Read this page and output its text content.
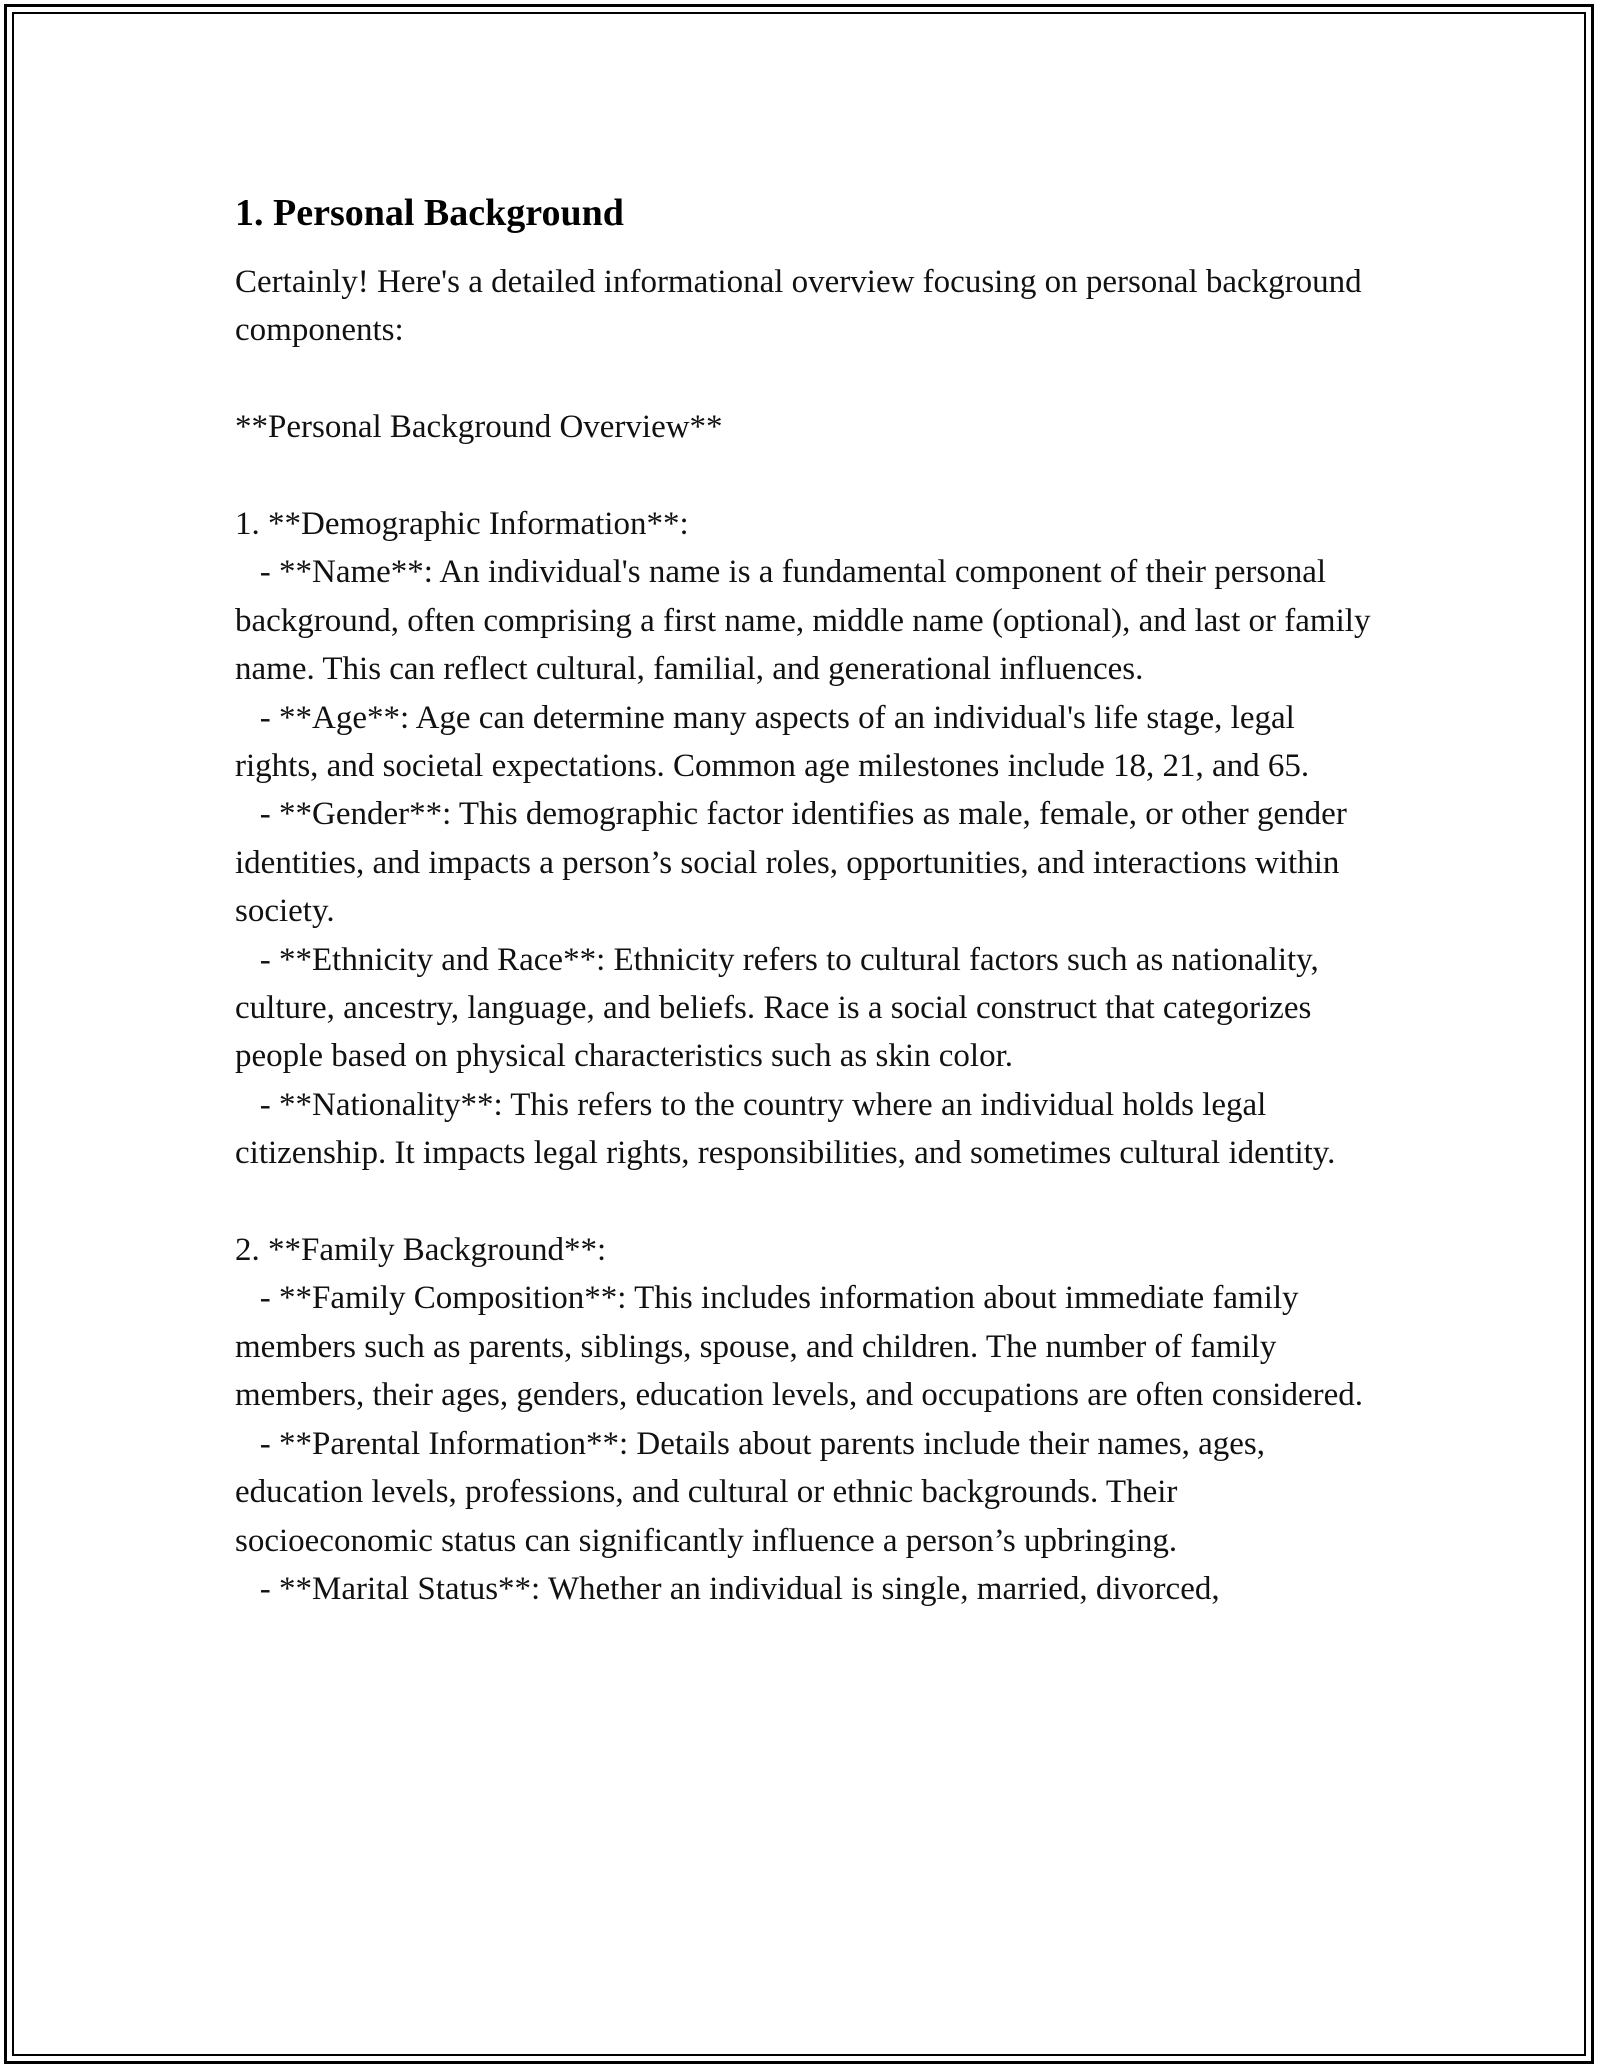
1. Personal Background

Certainly! Here's a detailed informational overview focusing on personal background components:

**Personal Background Overview**

1. **Demographic Information**:

- **Name**: An individual's name is a fundamental component of their personal background, often comprising a first name, middle name (optional), and last or family name. This can reflect cultural, familial, and generational influences.

- **Age**: Age can determine many aspects of an individual's life stage, legal rights, and societal expectations. Common age milestones include 18, 21, and 65.

- **Gender**: This demographic factor identifies as male, female, or other gender identities, and impacts a person’s social roles, opportunities, and interactions within society.

- **Ethnicity and Race**: Ethnicity refers to cultural factors such as nationality, culture, ancestry, language, and beliefs. Race is a social construct that categorizes people based on physical characteristics such as skin color.

- **Nationality**: This refers to the country where an individual holds legal citizenship. It impacts legal rights, responsibilities, and sometimes cultural identity.

2. **Family Background**:

- **Family Composition**: This includes information about immediate family members such as parents, siblings, spouse, and children. The number of family members, their ages, genders, education levels, and occupations are often considered.

- **Parental Information**: Details about parents include their names, ages, education levels, professions, and cultural or ethnic backgrounds. Their socioeconomic status can significantly influence a person’s upbringing.

- **Marital Status**: Whether an individual is single, married, divorced,
